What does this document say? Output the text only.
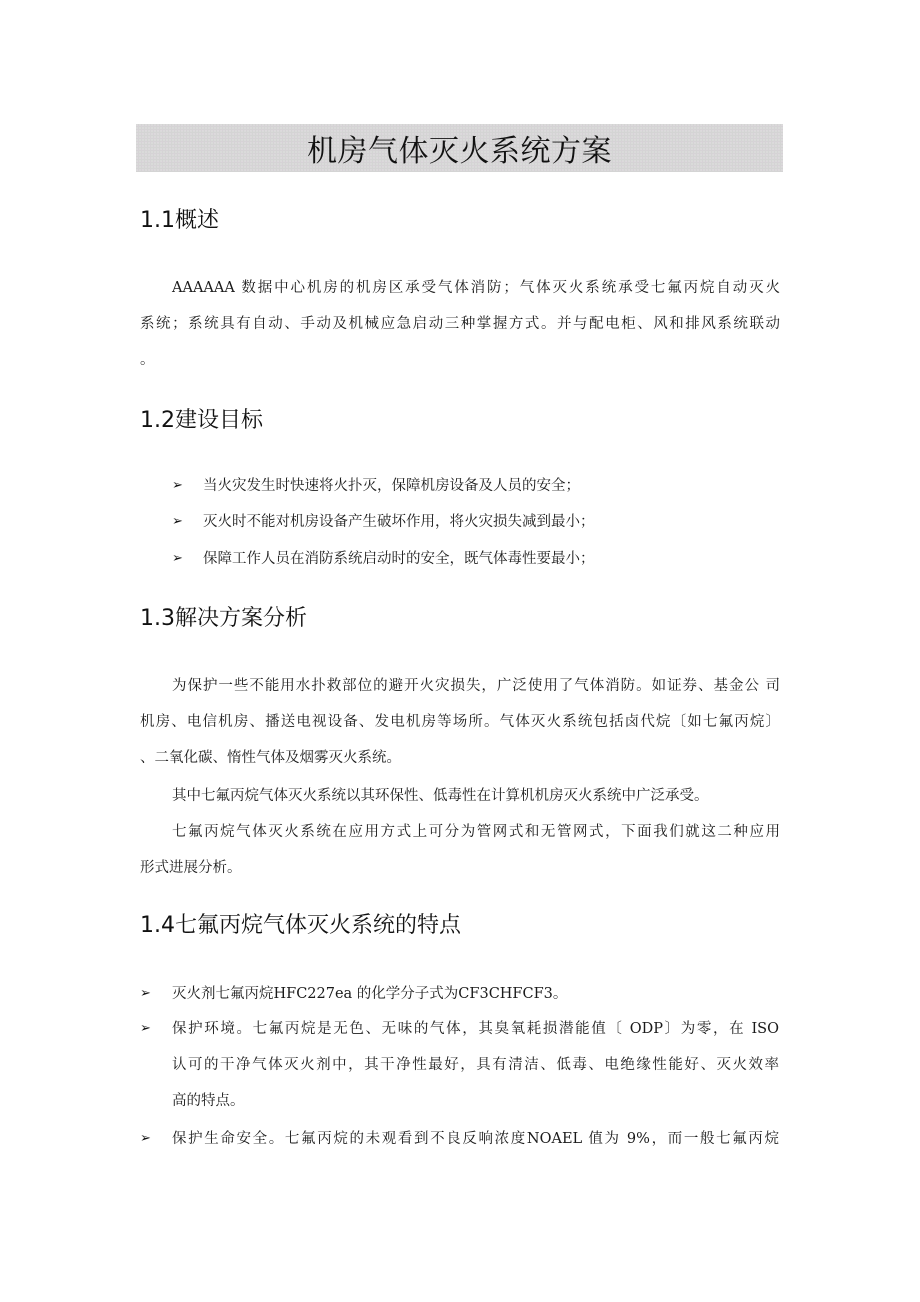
机房气体灭火系统方案
1.1概述
AAAAAA 数据中心机房的机房区承受气体消防；气体灭火系统承受七氟丙烷自动灭火
系统；系统具有自动、手动及机械应急启动三种掌握方式。并与配电柜、风和排风系统联动
。
1.2建设目标
➢ 当火灾发生时快速将火扑灭，保障机房设备及人员的安全；
➢ 灭火时不能对机房设备产生破坏作用，将火灾损失减到最小；
➢ 保障工作人员在消防系统启动时的安全，既气体毒性要最小；
1.3解决方案分析
为保护一些不能用水扑救部位的避开火灾损失，广泛使用了气体消防。如证券、基金公 司
机房、电信机房、播送电视设备、发电机房等场所。气体灭火系统包括卤代烷〔如七氟丙烷〕
、二氧化碳、惰性气体及烟雾灭火系统。
其中七氟丙烷气体灭火系统以其环保性、低毒性在计算机机房灭火系统中广泛承受。
七氟丙烷气体灭火系统在应用方式上可分为管网式和无管网式，下面我们就这二种应用
形式进展分析。
1.4七氟丙烷气体灭火系统的特点
➢ 灭火剂七氟丙烷HFC227ea 的化学分子式为CF3CHFCF3。
➢ 保护环境。七氟丙烷是无色、无味的气体，其臭氧耗损潜能值〔 ODP〕为零，在 ISO
认可的干净气体灭火剂中，其干净性最好，具有清洁、低毒、电绝缘性能好、灭火效率
高的特点。
➢ 保护生命安全。七氟丙烷的未观看到不良反响浓度NOAEL 值为 9%，而一般七氟丙烷
